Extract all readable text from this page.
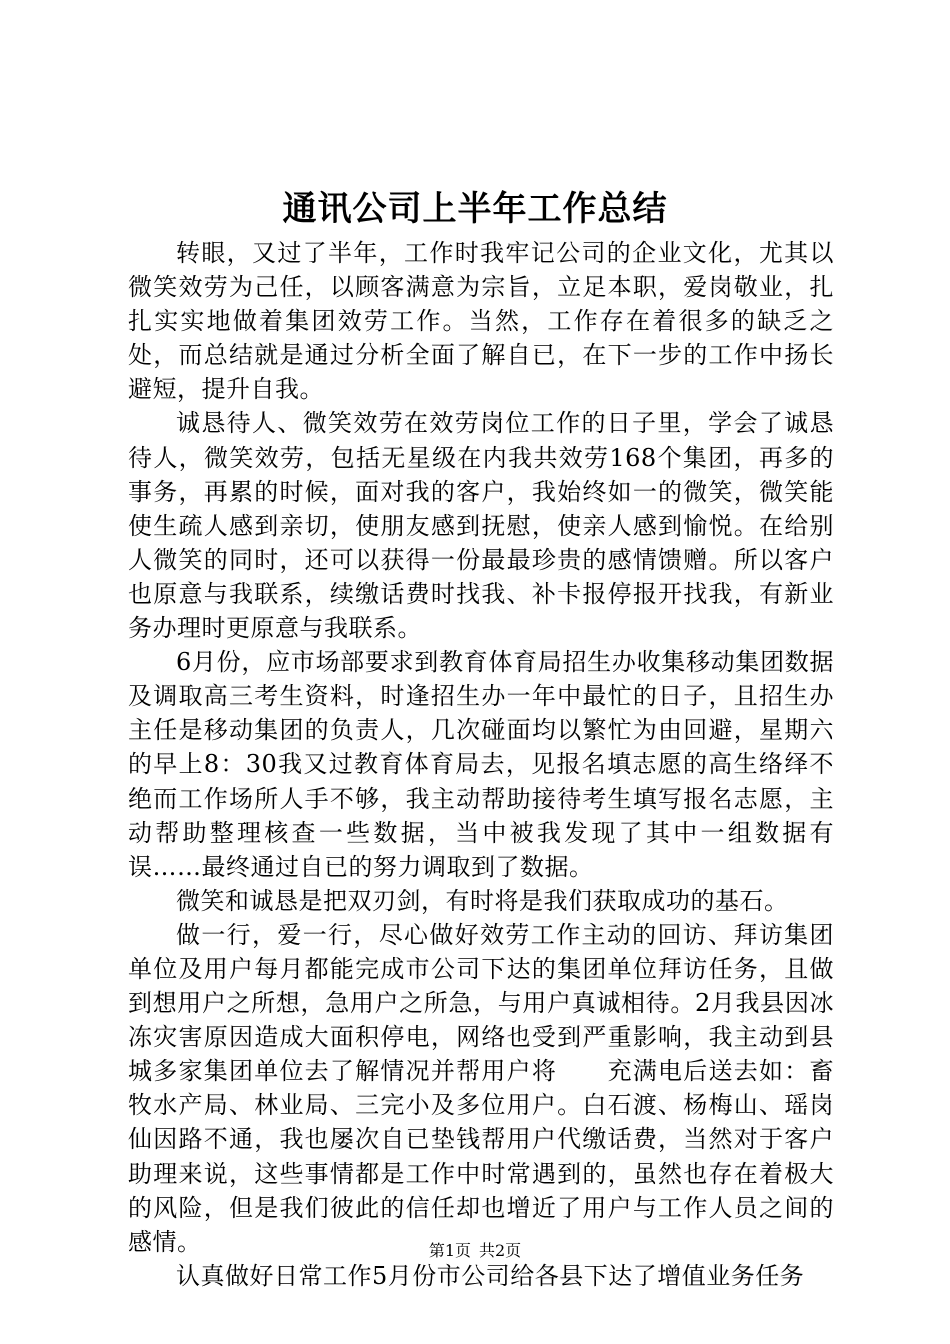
通讯公司上半年工作总结

转眼，又过了半年，工作时我牢记公司的企业文化，尤其以微笑效劳为己任，以顾客满意为宗旨，立足本职，爱岗敬业，扎扎实实地做着集团效劳工作。当然，工作存在着很多的缺乏之处，而总结就是通过分析全面了解自已，在下一步的工作中扬长避短，提升自我。

诚恳待人、微笑效劳在效劳岗位工作的日子里，学会了诚恳待人，微笑效劳，包括无星级在内我共效劳168个集团，再多的事务，再累的时候，面对我的客户，我始终如一的微笑，微笑能使生疏人感到亲切，使朋友感到抚慰，使亲人感到愉悦。在给别人微笑的同时，还可以获得一份最最珍贵的感情馈赠。所以客户也原意与我联系，续缴话费时找我、补卡报停报开找我，有新业务办理时更原意与我联系。

6月份，应市场部要求到教育体育局招生办收集移动集团数据及调取高三考生资料，时逢招生办一年中最忙的日子，且招生办主任是移动集团的负责人，几次碰面均以繁忙为由回避，星期六的早上8：30我又过教育体育局去，见报名填志愿的高生络绎不绝而工作场所人手不够，我主动帮助接待考生填写报名志愿，主动帮助整理核查一些数据，当中被我发现了其中一组数据有误……最终通过自已的努力调取到了数据。

微笑和诚恳是把双刃剑，有时将是我们获取成功的基石。

做一行，爱一行，尽心做好效劳工作主动的回访、拜访集团单位及用户每月都能完成市公司下达的集团单位拜访任务，且做到想用户之所想，急用户之所急，与用户真诚相待。2月我县因冰冻灾害原因造成大面积停电，网络也受到严重影响，我主动到县城多家集团单位去了解情况并帮用户将　　充满电后送去如：畜牧水产局、林业局、三完小及多位用户。白石渡、杨梅山、瑶岗仙因路不通，我也屡次自已垫钱帮用户代缴话费，当然对于客户助理来说，这些事情都是工作中时常遇到的，虽然也存在着极大的风险，但是我们彼此的信任却也增近了用户与工作人员之间的感情。

认真做好日常工作5月份市公司给各县下达了增值业务任务

第1页 共2页
